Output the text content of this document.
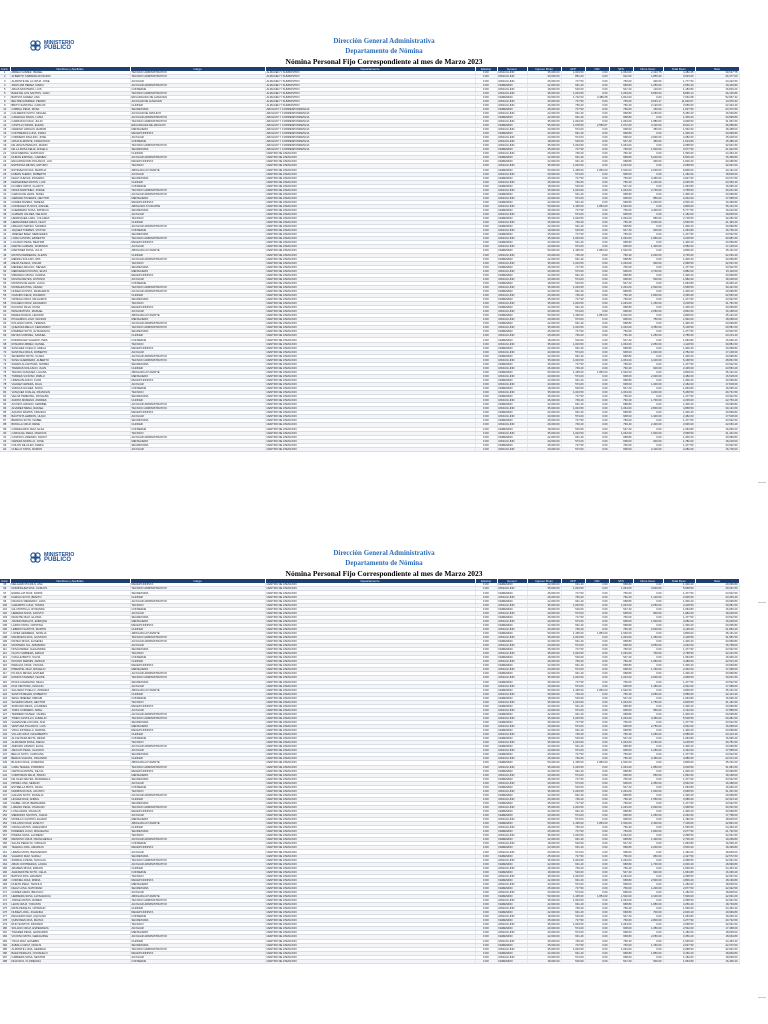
MINISTERIO
PÚBLICO
Dirección General Administrativa
Departamento de Nómina
Nómina Personal Fijo Correspondiente al mes de Marzo 2023
Cant.	Nombres y Apellidos	Cargo	Departamento	Estatus	Genero	Ingreso Bruto	AFP	ISR	SFS	Otros Desc.	Total Desc.	Neto
1	ABREU GOMEZ, ISMAEL	TECNICO ADMINISTRATIVO	ALMACEN Y SUMINISTRO	FIJO	MASCULINO	35,000.00	1,004.50	0.00	1,064.00	2,413.75	4,482.25	30,517.75
2	ALBERTO CABRERA ROSARIO	TECNICO ADMINISTRATIVO	ALMACEN Y SUMINISTRO	FIJO	MASCULINO	30,000.00	861.00	0.00	912.00	1,850.00	3,623.00	26,377.00
3	ALMONTE DE LA CRUZ, JOSE	AUXILIAR	ALMACEN Y SUMINISTRO	FIJO	MASCULINO	25,000.00	717.50	0.00	760.00	300.00	1,777.50	23,222.50
4	ANDUJAR PEREZ, MARIA	AUXILIAR ADMINISTRATIVO	ALMACEN Y SUMINISTRO	FIJO	FEMENINO	22,000.00	631.40	0.00	668.80	1,250.00	2,550.20	19,449.80
5	ARIAS MONTERO, LUIS	CONSERJE	ALMACEN Y SUMINISTRO	FIJO	MASCULINO	18,000.00	516.60	0.00	547.20	120.00	1,183.80	16,816.20
6	BAEZ DE LOS SANTOS, JUAN	TECNICO ADMINISTRATIVO	ALMACEN Y SUMINISTRO	FIJO	MASCULINO	35,000.00	1,004.50	0.00	1,064.00	6,830.64	8,899.14	26,100.86
7	BATISTA GOMEZ, ANA	ENCARGADO DE ALMACEN	ALMACEN Y SUMINISTRO	FIJO	FEMENINO	60,000.00	1,722.00	3,486.68	1,824.00	0.00	7,032.68	52,967.32
8	BELTRE RAMIREZ, PEDRO	AUXILIAR DE ALMACEN	ALMACEN Y SUMINISTRO	FIJO	MASCULINO	25,000.00	717.50	0.00	760.00	9,543.17	11,020.67	13,979.33
9	BRITO SANTANA, CARLOS	CHOFER	ALMACEN Y SUMINISTRO	FIJO	MASCULINO	26,000.00	746.20	0.00	790.40	2,120.00	3,656.60	22,343.40
10	CABRAL PEÑA, ROSA	SECRETARIA	ARCHIVO Y CORRESPONDENCIA	FIJO	FEMENINO	25,000.00	717.50	0.00	760.00	150.00	1,627.50	23,372.50
11	CALDERON SOTO, MIGUEL	AUXILIAR DE ARCHIVO	ARCHIVO Y CORRESPONDENCIA	FIJO	MASCULINO	22,000.00	631.40	0.00	668.80	4,150.00	5,450.20	16,549.80
12	CAMACHO RIVAS, LUISA	AUXILIAR ADMINISTRATIVO	ARCHIVO Y CORRESPONDENCIA	FIJO	FEMENINO	22,000.00	631.40	0.00	668.80	0.00	1,300.20	20,699.80
13	CARRASCO DIAZ, JULIO	TECNICO ADMINISTRATIVO	ARCHIVO Y CORRESPONDENCIA	FIJO	MASCULINO	35,000.00	1,004.50	0.00	1,064.00	1,880.00	3,948.50	31,051.50
14	CASTILLO MORA, ELENA	ENCARGADA DE ARCHIVO	ARCHIVO Y CORRESPONDENCIA	FIJO	FEMENINO	55,000.00	1,578.50	2,559.67	1,672.00	3,100.00	8,910.17	46,089.83
15	CEDEÑO VARGAS, RAMON	MENSAJERO	ARCHIVO Y CORRESPONDENCIA	FIJO	MASCULINO	20,000.00	574.00	0.00	608.00	350.00	1,532.00	18,468.00
16	CONTRERAS LUNA, DIANA	RECEPCIONISTA	ARCHIVO Y CORRESPONDENCIA	FIJO	FEMENINO	22,000.00	631.40	0.00	668.80	0.00	1,300.20	20,699.80
17	CORDERO PAULINO, JOSE	AUXILIAR	ARCHIVO Y CORRESPONDENCIA	FIJO	MASCULINO	20,000.00	574.00	0.00	608.00	2,900.00	4,082.00	15,918.00
18	CRUZ ALMONTE, FRANCISCO	CONSERJE	ARCHIVO Y CORRESPONDENCIA	FIJO	MASCULINO	18,000.00	516.60	0.00	547.20	450.00	1,513.80	16,486.20
19	DE JESUS PERALTA, MARIO	TECNICO ADMINISTRATIVO	ARCHIVO Y CORRESPONDENCIA	FIJO	MASCULINO	35,000.00	1,004.50	0.00	1,064.00	0.00	2,068.50	32,931.50
20	DE LA ROSA FELIZ, ANGELA	SECRETARIA	ARCHIVO Y CORRESPONDENCIA	FIJO	FEMENINO	25,000.00	717.50	0.00	760.00	1,600.00	3,077.50	21,922.50
21	DIAZ MEDINA, SANTIAGO	CHOFER	CENTRO DE ATENCION	FIJO	MASCULINO	26,000.00	746.20	0.00	790.40	0.00	1,536.60	24,463.40
22	DURAN ESPINAL, CARMEN	AUXILIAR ADMINISTRATIVO	CENTRO DE ATENCION	FIJO	FEMENINO	22,000.00	631.40	0.00	668.80	5,200.00	6,500.20	15,499.80
23	ENCARNACION POLANCO, LUZ	RECEPCIONISTA	CENTRO DE ATENCION	FIJO	FEMENINO	22,000.00	631.40	0.00	668.80	300.00	1,600.20	20,399.80
24	ESPINOSA REYES, ARTURO	TECNICO	CENTRO DE ATENCION	FIJO	MASCULINO	35,000.00	1,004.50	0.00	1,064.00	0.00	2,068.50	32,931.50
25	ESTEVEZ ROJAS, MARTHA	ABOGADA AYUDANTE	CENTRO DE ATENCION	FIJO	FEMENINO	50,000.00	1,435.00	1,854.00	1,520.00	2,000.00	6,809.00	43,191.00
26	FABIAN SUERO, ROBERTO	AUXILIAR	CENTRO DE ATENCION	FIJO	MASCULINO	20,000.00	574.00	0.00	608.00	0.00	1,182.00	18,818.00
27	FELIZ CUEVAS, ROSARIO	SECRETARIA	CENTRO DE ATENCION	FIJO	FEMENINO	25,000.00	717.50	0.00	760.00	3,450.00	4,927.50	20,072.50
28	FERNANDEZ MATOS, LUIS	CHOFER	CENTRO DE ATENCION	FIJO	MASCULINO	26,000.00	746.20	0.00	790.40	1,100.00	2,636.60	23,363.40
29	FLORES ORTIZ, GLADYS	CONSERJE	CENTRO DE ATENCION	FIJO	FEMENINO	18,000.00	516.60	0.00	547.20	0.00	1,063.80	16,936.20
30	FRIAS MARTINEZ, JORGE	TECNICO ADMINISTRATIVO	CENTRO DE ATENCION	FIJO	MASCULINO	35,000.00	1,004.50	0.00	1,064.00	2,700.00	4,768.50	30,231.50
31	GARCIA DE LEON, SONIA	AUXILIAR ADMINISTRATIVO	CENTRO DE ATENCION	FIJO	FEMENINO	22,000.00	631.40	0.00	668.80	0.00	1,300.20	20,699.80
32	GERMAN TAVERAS, HECTOR	MENSAJERO	CENTRO DE ATENCION	FIJO	MASCULINO	20,000.00	574.00	0.00	608.00	850.00	2,032.00	17,968.00
33	GOMEZ RIVERA, TERESA	RECEPCIONISTA	CENTRO DE ATENCION	FIJO	FEMENINO	22,000.00	631.40	0.00	668.80	1,200.00	2,500.20	19,499.80
34	GONZALEZ PUJOLS, RAFAEL	ABOGADO AYUDANTE	CENTRO DE ATENCION	FIJO	MASCULINO	50,000.00	1,435.00	1,854.00	1,520.00	0.00	4,809.00	45,191.00
35	GUERRERO SOSA, PATRICIA	SECRETARIA	CENTRO DE ATENCION	FIJO	FEMENINO	25,000.00	717.50	0.00	760.00	4,300.00	5,777.50	19,222.50
36	GUZMAN VALDEZ, NELSON	AUXILIAR	CENTRO DE ATENCION	FIJO	MASCULINO	20,000.00	574.00	0.00	608.00	0.00	1,182.00	18,818.00
37	HENRIQUEZ LARA, YOLANDA	TECNICO	CENTRO DE ATENCION	FIJO	FEMENINO	35,000.00	1,004.50	0.00	1,064.00	650.00	2,718.50	32,281.50
38	HERNANDEZ ARIAS, FELIX	CHOFER	CENTRO DE ATENCION	FIJO	MASCULINO	26,000.00	746.20	0.00	790.40	3,000.00	4,536.60	21,463.40
39	HIRALDO MATEO, SANDRA	AUXILIAR ADMINISTRATIVO	CENTRO DE ATENCION	FIJO	FEMENINO	22,000.00	631.40	0.00	668.80	0.00	1,300.20	20,699.80
40	JAQUEZ TORRES, VICTOR	CONSERJE	CENTRO DE ATENCION	FIJO	MASCULINO	18,000.00	516.60	0.00	547.20	200.00	1,263.80	16,736.20
41	JIMENEZ BAEZ, MERCEDES	SECRETARIA	CENTRO DE ATENCION	FIJO	FEMENINO	25,000.00	717.50	0.00	760.00	0.00	1,477.50	23,522.50
42	LORA CASTRO, ERNESTO	TECNICO ADMINISTRATIVO	CENTRO DE ATENCION	FIJO	MASCULINO	35,000.00	1,004.50	0.00	1,064.00	1,950.00	4,018.50	30,981.50
43	LUCIANO PEÑA, BEATRIZ	RECEPCIONISTA	CENTRO DE ATENCION	FIJO	FEMENINO	22,000.00	631.40	0.00	668.80	0.00	1,300.20	20,699.80
44	MARTE GUZMAN, DOMINGO	AUXILIAR	CENTRO DE ATENCION	FIJO	MASCULINO	20,000.00	574.00	0.00	608.00	1,400.00	2,582.00	17,418.00
45	MARTINEZ ROSA, JULIA	ABOGADA AYUDANTE	CENTRO DE ATENCION	FIJO	FEMENINO	50,000.00	1,435.00	1,854.00	1,520.00	0.00	4,809.00	45,191.00
46	MATOS FERRERAS, ALEXIS	CHOFER	CENTRO DE ATENCION	FIJO	MASCULINO	26,000.00	746.20	0.00	790.40	2,200.00	3,736.60	22,263.40
47	MEDINA SOLANO, IRIS	AUXILIAR ADMINISTRATIVO	CENTRO DE ATENCION	FIJO	FEMENINO	22,000.00	631.40	0.00	668.80	0.00	1,300.20	20,699.80
48	MEJIA TEJADA, OSCAR	TECNICO	CENTRO DE ATENCION	FIJO	MASCULINO	35,000.00	1,004.50	0.00	1,064.00	900.00	2,968.50	32,031.50
49	MENDEZ ARAUJO, NIEVES	SECRETARIA	CENTRO DE ATENCION	FIJO	FEMENINO	25,000.00	717.50	0.00	760.00	0.00	1,477.50	23,522.50
50	MERCEDES PAYANO, ELVIS	MENSAJERO	CENTRO DE ATENCION	FIJO	MASCULINO	20,000.00	574.00	0.00	608.00	3,700.00	4,882.00	15,118.00
51	MIRANDA OZUNA, KARINA	RECEPCIONISTA	CENTRO DE ATENCION	FIJO	FEMENINO	22,000.00	631.40	0.00	668.80	0.00	1,300.20	20,699.80
52	MOLINA REYES, ANTONIO	AUXILIAR	CENTRO DE ATENCION	FIJO	MASCULINO	20,000.00	574.00	0.00	608.00	500.00	1,682.00	18,318.00
53	MONTAS DE LEON, LUCIA	CONSERJE	CENTRO DE ATENCION	FIJO	FEMENINO	18,000.00	516.60	0.00	547.20	0.00	1,063.80	16,936.20
54	MORALES PIÑA, CESAR	TECNICO ADMINISTRATIVO	CENTRO DE ATENCION	FIJO	MASCULINO	35,000.00	1,004.50	0.00	1,064.00	2,500.00	4,568.50	30,431.50
55	NUÑEZ ACOSTA, MARGARITA	AUXILIAR ADMINISTRATIVO	CENTRO DE ATENCION	FIJO	FEMENINO	22,000.00	631.40	0.00	668.80	0.00	1,300.20	20,699.80
56	OGANDO FELIZ, RICARDO	CHOFER	CENTRO DE ATENCION	FIJO	MASCULINO	26,000.00	746.20	0.00	790.40	1,800.00	3,336.60	22,663.40
57	ORTEGA CRUZ, MILAGROS	SECRETARIA	CENTRO DE ATENCION	FIJO	FEMENINO	25,000.00	717.50	0.00	760.00	0.00	1,477.50	23,522.50
58	PACHECO RUIZ, EDUARDO	TECNICO	CENTRO DE ATENCION	FIJO	MASCULINO	35,000.00	1,004.50	0.00	1,064.00	1,150.00	3,218.50	31,781.50
59	PAULINO SILVA, ROSA	RECEPCIONISTA	CENTRO DE ATENCION	FIJO	FEMENINO	22,000.00	631.40	0.00	668.80	0.00	1,300.20	20,699.80
60	PEÑA BATISTA, MANUEL	AUXILIAR	CENTRO DE ATENCION	FIJO	MASCULINO	20,000.00	574.00	0.00	608.00	2,650.00	3,832.00	16,168.00
61	PEREZ DURAN, LEONOR	ABOGADA AYUDANTE	CENTRO DE ATENCION	FIJO	FEMENINO	50,000.00	1,435.00	1,854.00	1,520.00	0.00	4,809.00	45,191.00
62	PICHARDO LUGO, WILSON	MENSAJERO	CENTRO DE ATENCION	FIJO	MASCULINO	20,000.00	574.00	0.00	608.00	750.00	1,932.00	18,068.00
63	POLANCO MATA, YESENIA	AUXILIAR ADMINISTRATIVO	CENTRO DE ATENCION	FIJO	FEMENINO	22,000.00	631.40	0.00	668.80	0.00	1,300.20	20,699.80
64	QUEZADA BELLO, FERNANDO	TECNICO ADMINISTRATIVO	CENTRO DE ATENCION	FIJO	MASCULINO	35,000.00	1,004.50	0.00	1,064.00	3,350.00	5,418.50	29,581.50
65	RAMIREZ SOTO, ALTAGRACIA	SECRETARIA	CENTRO DE ATENCION	FIJO	FEMENINO	25,000.00	717.50	0.00	760.00	0.00	1,477.50	23,522.50
66	REYES CORNIEL, SAMUEL	CHOFER	CENTRO DE ATENCION	FIJO	MASCULINO	26,000.00	746.20	0.00	790.40	1,250.00	2,786.60	23,213.40
67	RODRIGUEZ VALERIO, INES	CONSERJE	CENTRO DE ATENCION	FIJO	FEMENINO	18,000.00	516.60	0.00	547.20	0.00	1,063.80	16,936.20
68	ROSARIO ABREU, DANIEL	TECNICO	CENTRO DE ATENCION	FIJO	MASCULINO	35,000.00	1,004.50	0.00	1,064.00	2,050.00	4,118.50	30,881.50
69	SANCHEZ CUELLO, ADELA	RECEPCIONISTA	CENTRO DE ATENCION	FIJO	FEMENINO	22,000.00	631.40	0.00	668.80	0.00	1,300.20	20,699.80
70	SANTANA FRIAS, ROBERTO	AUXILIAR	CENTRO DE ATENCION	FIJO	MASCULINO	20,000.00	574.00	0.00	608.00	1,600.00	2,782.00	17,218.00
71	SEVERINO MOTA, CLARA	AUXILIAR ADMINISTRATIVO	CENTRO DE ATENCION	FIJO	FEMENINO	22,000.00	631.40	0.00	668.80	0.00	1,300.20	20,699.80
72	SOSA GUERRERO, ALBERTO	TECNICO ADMINISTRATIVO	CENTRO DE ATENCION	FIJO	MASCULINO	35,000.00	1,004.50	0.00	1,064.00	4,100.00	6,168.50	28,831.50
73	SUERO ALCANTARA, NORMA	SECRETARIA	CENTRO DE ATENCION	FIJO	FEMENINO	25,000.00	717.50	0.00	760.00	0.00	1,477.50	23,522.50
74	TAVERAS NOLASCO, JUAN	CHOFER	CENTRO DE ATENCION	FIJO	MASCULINO	26,000.00	746.20	0.00	790.40	900.00	2,436.60	23,563.40
75	TEJADA VASQUEZ, LILIANA	ABOGADA AYUDANTE	CENTRO DE ATENCION	FIJO	FEMENINO	50,000.00	1,435.00	1,854.00	1,520.00	0.00	4,809.00	45,191.00
76	TORRES VICIOSO, PABLO	MENSAJERO	CENTRO DE ATENCION	FIJO	MASCULINO	20,000.00	574.00	0.00	608.00	2,300.00	3,482.00	16,518.00
77	UREÑA BLANCO, FLOR	RECEPCIONISTA	CENTRO DE ATENCION	FIJO	FEMENINO	22,000.00	631.40	0.00	668.80	0.00	1,300.20	20,699.80
78	VALDEZ CEPEDA, RAUL	AUXILIAR	CENTRO DE ATENCION	FIJO	MASCULINO	20,000.00	574.00	0.00	608.00	1,000.00	2,182.00	17,818.00
79	VARGAS HICHEZ, SOFIA	CONSERJE	CENTRO DE ATENCION	FIJO	FEMENINO	18,000.00	516.60	0.00	547.20	0.00	1,063.80	16,936.20
80	VASQUEZ OVALLE, FRANKLIN	TECNICO	CENTRO DE ATENCION	FIJO	MASCULINO	35,000.00	1,004.50	0.00	1,064.00	3,200.00	5,268.50	29,731.50
81	VELOZ PIMENTEL, ROSALBA	SECRETARIA	CENTRO DE ATENCION	FIJO	FEMENINO	25,000.00	717.50	0.00	760.00	0.00	1,477.50	23,522.50
82	ZAPATA MORENO, ANDRES	CHOFER	CENTRO DE ATENCION	FIJO	MASCULINO	26,000.00	746.20	0.00	790.40	1,700.00	3,236.60	22,763.40
83	ACOSTA LIRIANO, MARIBEL	AUXILIAR ADMINISTRATIVO	CENTRO DE ATENCION	FIJO	FEMENINO	22,000.00	631.40	0.00	668.80	0.00	1,300.20	20,699.80
84	ALVAREZ MENA, RAFAEL	TECNICO ADMINISTRATIVO	CENTRO DE ATENCION	FIJO	MASCULINO	35,000.00	1,004.50	0.00	1,064.00	2,800.00	4,868.50	30,131.50
85	AQUINO RAMOS, FRANCIA	RECEPCIONISTA	CENTRO DE ATENCION	FIJO	FEMENINO	22,000.00	631.40	0.00	668.80	0.00	1,300.20	20,699.80
86	BAUTISTA LEBRON, HUGO	AUXILIAR	CENTRO DE ATENCION	FIJO	MASCULINO	20,000.00	574.00	0.00	608.00	1,300.00	2,482.00	17,518.00
87	BERROA SOTO, ISABEL	SECRETARIA	CENTRO DE ATENCION	FIJO	FEMENINO	25,000.00	717.50	0.00	760.00	0.00	1,477.50	23,522.50
88	BONILLA CRUZ, RENE	CHOFER	CENTRO DE ATENCION	FIJO	MASCULINO	26,000.00	746.20	0.00	790.40	2,400.00	3,936.60	22,063.40
89	CANDELARIO DIAZ, ELSA	CONSERJE	CENTRO DE ATENCION	FIJO	FEMENINO	18,000.00	516.60	0.00	547.20	0.00	1,063.80	16,936.20
90	CARVAJAL PEÑA, MARCOS	TECNICO	CENTRO DE ATENCION	FIJO	MASCULINO	35,000.00	1,004.50	0.00	1,064.00	1,500.00	3,568.50	31,431.50
91	CASTRO LORENZO, NANCY	AUXILIAR ADMINISTRATIVO	CENTRO DE ATENCION	FIJO	FEMENINO	22,000.00	631.40	0.00	668.80	0.00	1,300.20	20,699.80
92	CEPEDA MORILLO, JOSE	MENSAJERO	CENTRO DE ATENCION	FIJO	MASCULINO	20,000.00	574.00	0.00	608.00	600.00	1,782.00	18,218.00
93	COLON DE OLEO, MARIA	SECRETARIA	CENTRO DE ATENCION	FIJO	FEMENINO	25,000.00	717.50	0.00	760.00	0.00	1,477.50	23,522.50
94	CUELLO TAPIA, RAMON	AUXILIAR	CENTRO DE ATENCION	FIJO	MASCULINO	20,000.00	574.00	0.00	608.00	2,100.00	3,282.00	16,718.00
MINISTERIO
PÚBLICO
Dirección General Administrativa
Departamento de Nómina
Nómina Personal Fijo Correspondiente al mes de Marzo 2023
Cant.	Nombres y Apellidos	Cargo	Departamento	Estatus	Genero	Ingreso Bruto	AFP	ISR	SFS	Otros Desc.	Total Desc.	Neto
95	DELGADO PUJOLS, ANA	RECEPCIONISTA	CENTRO DE ATENCION	FIJO	FEMENINO	22,000.00	631.40	0.00	668.80	0.00	1,300.20	20,699.80
96	DOMINGUEZ ROA, CARLOS	TECNICO ADMINISTRATIVO	CENTRO DE ATENCION	FIJO	MASCULINO	35,000.00	1,004.50	0.00	1,064.00	3,600.00	5,668.50	29,331.50
97	ESPAILLAT RUIZ, DORIS	SECRETARIA	CENTRO DE ATENCION	FIJO	FEMENINO	25,000.00	717.50	0.00	760.00	0.00	1,477.50	23,522.50
98	FAMILIA SOTO, BENITO	CHOFER	CENTRO DE ATENCION	FIJO	MASCULINO	26,000.00	746.20	0.00	790.40	1,100.00	2,636.60	23,363.40
99	FRANCO MEDRANO, LIDIA	AUXILIAR ADMINISTRATIVO	CENTRO DE ATENCION	FIJO	FEMENINO	22,000.00	631.40	0.00	668.80	0.00	1,300.20	20,699.80
100	GARABITO LUNA, TOMAS	TECNICO	CENTRO DE ATENCION	FIJO	MASCULINO	35,000.00	1,004.50	0.00	1,064.00	2,250.00	4,318.50	30,681.50
101	GIL MONTILLA, ROSANNA	CONSERJE	CENTRO DE ATENCION	FIJO	FEMENINO	18,000.00	516.60	0.00	547.20	0.00	1,063.80	16,936.20
102	HEREDIA NOVA, FAUSTO	AUXILIAR	CENTRO DE ATENCION	FIJO	MASCULINO	20,000.00	574.00	0.00	608.00	800.00	1,982.00	18,018.00
103	INFANTE DIAZ, GLORIA	SECRETARIA	CENTRO DE ATENCION	FIJO	FEMENINO	25,000.00	717.50	0.00	760.00	0.00	1,477.50	23,522.50
104	JAVIER PERALTA, ENRIQUE	MENSAJERO	CENTRO DE ATENCION	FIJO	MASCULINO	20,000.00	574.00	0.00	608.00	1,900.00	3,082.00	16,918.00
105	LAPAIX MOTA, CRISTINA	RECEPCIONISTA	CENTRO DE ATENCION	FIJO	FEMENINO	22,000.00	631.40	0.00	668.80	0.00	1,300.20	20,699.80
106	LEBRON SANTOS, MARTIN	CHOFER	CENTRO DE ATENCION	FIJO	MASCULINO	26,000.00	746.20	0.00	790.40	2,600.00	4,136.60	21,863.40
107	LOPEZ HERRERA, NATALIA	ABOGADA AYUDANTE	CENTRO DE ATENCION	FIJO	FEMENINO	50,000.00	1,435.00	1,854.00	1,520.00	0.00	4,809.00	45,191.00
108	MANZUETA ROA, GUSTAVO	TECNICO ADMINISTRATIVO	CENTRO DE ATENCION	FIJO	MASCULINO	35,000.00	1,004.50	0.00	1,064.00	1,350.00	3,418.50	31,581.50
109	MATEO RIVAS, EUGENIA	AUXILIAR ADMINISTRATIVO	CENTRO DE ATENCION	FIJO	FEMENINO	22,000.00	631.40	0.00	668.80	0.00	1,300.20	20,699.80
110	MONTERO GIL, ARMANDO	AUXILIAR	CENTRO DE ATENCION	FIJO	MASCULINO	20,000.00	574.00	0.00	608.00	3,050.00	4,232.00	15,768.00
111	NOVA PEREZ, ALEJANDRA	SECRETARIA	CENTRO DE ATENCION	FIJO	FEMENINO	25,000.00	717.50	0.00	760.00	0.00	1,477.50	23,522.50
112	OLIVO CABRERA, EMILIO	TECNICO	CENTRO DE ATENCION	FIJO	MASCULINO	35,000.00	1,004.50	0.00	1,064.00	700.00	2,768.50	32,231.50
113	OVALLE BRITO, SILVIA	CONSERJE	CENTRO DE ATENCION	FIJO	FEMENINO	18,000.00	516.60	0.00	547.20	0.00	1,063.80	16,936.20
114	PAYANO FERMIN, ADRIAN	CHOFER	CENTRO DE ATENCION	FIJO	MASCULINO	26,000.00	746.20	0.00	790.40	1,950.00	3,486.60	22,513.40
115	PERALTA CRUZ, VIVIANA	RECEPCIONISTA	CENTRO DE ATENCION	FIJO	FEMENINO	22,000.00	631.40	0.00	668.80	0.00	1,300.20	20,699.80
116	PIMENTEL DIAZ, ROGELIO	MENSAJERO	CENTRO DE ATENCION	FIJO	MASCULINO	20,000.00	574.00	0.00	608.00	1,150.00	2,332.00	17,668.00
117	PUJOLS REYES, ESTHER	AUXILIAR ADMINISTRATIVO	CENTRO DE ATENCION	FIJO	FEMENINO	22,000.00	631.40	0.00	668.80	0.00	1,300.20	20,699.80
118	RAMOS TAVAREZ, FELIPE	TECNICO ADMINISTRATIVO	CENTRO DE ATENCION	FIJO	MASCULINO	35,000.00	1,004.50	0.00	1,064.00	2,900.00	4,968.50	30,031.50
119	RIVAS ALMANZAR, DELIA	SECRETARIA	CENTRO DE ATENCION	FIJO	FEMENINO	25,000.00	717.50	0.00	760.00	0.00	1,477.50	23,522.50
120	ROA VENTURA, IGNACIO	AUXILIAR	CENTRO DE ATENCION	FIJO	MASCULINO	20,000.00	574.00	0.00	608.00	1,450.00	2,632.00	17,368.00
121	SALCEDO PUELLO, ZORAIDA	ABOGADA AYUDANTE	CENTRO DE ATENCION	FIJO	FEMENINO	50,000.00	1,435.00	1,854.00	1,520.00	0.00	4,809.00	45,191.00
122	SANTOS BELEN, ROBERTO	CHOFER	CENTRO DE ATENCION	FIJO	MASCULINO	26,000.00	746.20	0.00	790.40	2,050.00	3,586.60	22,413.40
123	SENA JIMENEZ, MIRIAM	CONSERJE	CENTRO DE ATENCION	FIJO	FEMENINO	18,000.00	516.60	0.00	547.20	0.00	1,063.80	16,936.20
124	SILVERIO ARIAS, HECTOR	TECNICO	CENTRO DE ATENCION	FIJO	MASCULINO	35,000.00	1,004.50	0.00	1,064.00	1,750.00	3,818.50	31,181.50
125	SORIANO MEJIA, LOURDES	RECEPCIONISTA	CENTRO DE ATENCION	FIJO	FEMENINO	22,000.00	631.40	0.00	668.80	0.00	1,300.20	20,699.80
126	TAPIA CORDERO, ARIEL	AUXILIAR	CENTRO DE ATENCION	FIJO	MASCULINO	20,000.00	574.00	0.00	608.00	950.00	2,132.00	17,868.00
127	TERRERO NUÑEZ, YANIRA	AUXILIAR ADMINISTRATIVO	CENTRO DE ATENCION	FIJO	FEMENINO	22,000.00	631.40	0.00	668.80	0.00	1,300.20	20,699.80
128	TINEO CASTILLO, AURELIO	TECNICO ADMINISTRATIVO	CENTRO DE ATENCION	FIJO	MASCULINO	35,000.00	1,004.50	0.00	1,064.00	3,450.00	5,518.50	29,481.50
129	VALENZUELA ROJAS, ANA	SECRETARIA	CENTRO DE ATENCION	FIJO	FEMENINO	25,000.00	717.50	0.00	760.00	0.00	1,477.50	23,522.50
130	VENTURA POLANCO, LUIS	MENSAJERO	CENTRO DE ATENCION	FIJO	MASCULINO	20,000.00	574.00	0.00	608.00	2,750.00	3,932.00	16,068.00
131	VIDAL ESTRELLA, MARINA	RECEPCIONISTA	CENTRO DE ATENCION	FIJO	FEMENINO	22,000.00	631.40	0.00	668.80	0.00	1,300.20	20,699.80
132	VILLAR CRUZ, DAGOBERTO	CHOFER	CENTRO DE ATENCION	FIJO	MASCULINO	26,000.00	746.20	0.00	790.40	1,050.00	2,586.60	23,413.40
133	ALCANTARA MOTA, REINA	CONSERJE	CENTRO DE ATENCION	FIJO	FEMENINO	18,000.00	516.60	0.00	547.20	0.00	1,063.80	16,936.20
134	ALMANZAR ROSA, DIEGO	TECNICO	CENTRO DE ATENCION	FIJO	MASCULINO	35,000.00	1,004.50	0.00	1,064.00	2,150.00	4,218.50	30,781.50
135	AMPARO LIRIANO, ELISA	AUXILIAR ADMINISTRATIVO	CENTRO DE ATENCION	FIJO	FEMENINO	22,000.00	631.40	0.00	668.80	0.00	1,300.20	20,699.80
136	ARAUJO PEÑA, CLAUDIO	AUXILIAR	CENTRO DE ATENCION	FIJO	MASCULINO	20,000.00	574.00	0.00	608.00	1,250.00	2,432.00	17,568.00
137	BELLO SOTO, CAROLINA	SECRETARIA	CENTRO DE ATENCION	FIJO	FEMENINO	25,000.00	717.50	0.00	760.00	0.00	1,477.50	23,522.50
138	BERAS CUEVAS, ORLANDO	CHOFER	CENTRO DE ATENCION	FIJO	MASCULINO	26,000.00	746.20	0.00	790.40	2,450.00	3,986.60	22,013.40
139	BLANCO DIAZ, JOSEFINA	ABOGADA AYUDANTE	CENTRO DE ATENCION	FIJO	FEMENINO	50,000.00	1,435.00	1,854.00	1,520.00	0.00	4,809.00	45,191.00
140	CABA TEJEDA, PORFIRIO	TECNICO ADMINISTRATIVO	CENTRO DE ATENCION	FIJO	MASCULINO	35,000.00	1,004.50	0.00	1,064.00	1,850.00	3,918.50	31,081.50
141	CEPIN ALMONTE, DILCIA	RECEPCIONISTA	CENTRO DE ATENCION	FIJO	FEMENINO	22,000.00	631.40	0.00	668.80	0.00	1,300.20	20,699.80
142	CORPORAN FELIZ, SIMON	MENSAJERO	CENTRO DE ATENCION	FIJO	MASCULINO	20,000.00	574.00	0.00	608.00	650.00	1,832.00	18,168.00
143	DE OLEO REYES, MARIANELA	SECRETARIA	CENTRO DE ATENCION	FIJO	FEMENINO	25,000.00	717.50	0.00	760.00	0.00	1,477.50	23,522.50
144	DIPRE LUNA, SERGIO	AUXILIAR	CENTRO DE ATENCION	FIJO	MASCULINO	20,000.00	574.00	0.00	608.00	2,350.00	3,532.00	16,468.00
145	ESTRELLA MOTA, NILDA	CONSERJE	CENTRO DE ATENCION	FIJO	FEMENINO	18,000.00	516.60	0.00	547.20	0.00	1,063.80	16,936.20
146	FERMIN ROJAS, JACINTO	TECNICO	CENTRO DE ATENCION	FIJO	MASCULINO	35,000.00	1,004.50	0.00	1,064.00	1,600.00	3,668.50	31,331.50
147	GALVAN SOTO, ROSALIA	AUXILIAR ADMINISTRATIVO	CENTRO DE ATENCION	FIJO	FEMENINO	22,000.00	631.40	0.00	668.80	0.00	1,300.20	20,699.80
148	HICHEZ DIAZ, ANIBAL	CHOFER	CENTRO DE ATENCION	FIJO	MASCULINO	26,000.00	746.20	0.00	790.40	1,550.00	3,086.60	22,913.40
149	ISABEL CRUZ, BERNARDA	SECRETARIA	CENTRO DE ATENCION	FIJO	FEMENINO	25,000.00	717.50	0.00	760.00	0.00	1,477.50	23,522.50
150	LIRIANO PEÑA, OSVALDO	TECNICO ADMINISTRATIVO	CENTRO DE ATENCION	FIJO	MASCULINO	35,000.00	1,004.50	0.00	1,064.00	2,600.00	4,668.50	30,331.50
151	LUNA ARIAS, MAGALIS	RECEPCIONISTA	CENTRO DE ATENCION	FIJO	FEMENINO	22,000.00	631.40	0.00	668.80	0.00	1,300.20	20,699.80
152	MEDRANO SANTOS, JUANA	AUXILIAR	CENTRO DE ATENCION	FIJO	FEMENINO	20,000.00	574.00	0.00	608.00	1,050.00	2,232.00	17,768.00
153	MORILLO CASTRO, ELADIO	MENSAJERO	CENTRO DE ATENCION	FIJO	MASCULINO	20,000.00	574.00	0.00	608.00	0.00	1,182.00	18,818.00
154	NOLASCO DIAZ, EVELYN	ABOGADA AYUDANTE	CENTRO DE ATENCION	FIJO	FEMENINO	50,000.00	1,435.00	1,854.00	1,520.00	2,300.00	7,109.00	42,891.00
155	OZUNA MATOS, GREGORIO	CHOFER	CENTRO DE ATENCION	FIJO	MASCULINO	26,000.00	746.20	0.00	790.40	0.00	1,536.60	24,463.40
156	PAREDES LUGO, MIGUELINA	SECRETARIA	CENTRO DE ATENCION	FIJO	FEMENINO	25,000.00	717.50	0.00	760.00	1,800.00	3,277.50	21,722.50
157	PINEDA SOSA, ALFREDO	TECNICO	CENTRO DE ATENCION	FIJO	MASCULINO	35,000.00	1,004.50	0.00	1,064.00	0.00	2,068.50	32,931.50
158	REINOSO CRUZ, FRANCHESCA	AUXILIAR ADMINISTRATIVO	CENTRO DE ATENCION	FIJO	FEMENINO	22,000.00	631.40	0.00	668.80	1,400.00	2,700.20	19,299.80
159	SALAS PERALTA, VIRGILIO	CONSERJE	CENTRO DE ATENCION	FIJO	MASCULINO	18,000.00	516.60	0.00	547.20	0.00	1,063.80	16,936.20
160	TEJEDA LORA, AMARILIS	RECEPCIONISTA	CENTRO DE ATENCION	FIJO	FEMENINO	22,000.00	631.40	0.00	668.80	2,200.00	3,500.20	18,499.80
161	UREÑA MOTA, BIENVENIDO	AUXILIAR	CENTRO DE ATENCION	FIJO	MASCULINO	20,000.00	574.00	0.00	608.00	0.00	1,182.00	18,818.00
162	VALERIO DIAZ, SARAH	SECRETARIA	CENTRO DE ATENCION	FIJO	FEMENINO	25,000.00	717.50	0.00	760.00	950.00	2,427.50	22,572.50
163	ZORRILLA PEÑA, NICOLAS	TECNICO ADMINISTRATIVO	CENTRO DE ATENCION	FIJO	MASCULINO	35,000.00	1,004.50	0.00	1,064.00	0.00	2,068.50	32,931.50
164	ABAD CONTRERAS, LAURA	AUXILIAR ADMINISTRATIVO	CENTRO DE ATENCION	FIJO	FEMENINO	22,000.00	631.40	0.00	668.80	1,700.00	3,000.20	18,999.80
165	ADAMES RIVAS, EFRAIN	CHOFER	CENTRO DE ATENCION	FIJO	MASCULINO	26,000.00	746.20	0.00	790.40	0.00	1,536.60	24,463.40
166	AGRAMONTE SOTO, CELIA	CONSERJE	CENTRO DE ATENCION	FIJO	FEMENINO	18,000.00	516.60	0.00	547.20	600.00	1,663.80	16,336.20
167	BATISTA ROA, ERASMO	TECNICO	CENTRO DE ATENCION	FIJO	MASCULINO	35,000.00	1,004.50	0.00	1,064.00	0.00	2,068.50	32,931.50
168	CORNIEL DIAZ, MIRNA	RECEPCIONISTA	CENTRO DE ATENCION	FIJO	FEMENINO	22,000.00	631.40	0.00	668.80	2,500.00	3,800.20	18,199.80
169	DURAN PEÑA, TEOFILO	MENSAJERO	CENTRO DE ATENCION	FIJO	MASCULINO	20,000.00	574.00	0.00	608.00	0.00	1,182.00	18,818.00
170	FELIZ LUNA, NATIVIDAD	SECRETARIA	CENTRO DE ATENCION	FIJO	FEMENINO	25,000.00	717.50	0.00	760.00	1,200.00	2,677.50	22,322.50
171	GOMEZ ARIAS, BRAULIO	AUXILIAR	CENTRO DE ATENCION	FIJO	MASCULINO	20,000.00	574.00	0.00	608.00	0.00	1,182.00	18,818.00
172	HERRERA SOSA, ALTAGRACIA	ABOGADA AYUDANTE	CENTRO DE ATENCION	FIJO	FEMENINO	50,000.00	1,435.00	1,854.00	1,520.00	3,100.00	7,909.00	42,091.00
173	JORGE MATOS, RUBEN	TECNICO ADMINISTRATIVO	CENTRO DE ATENCION	FIJO	MASCULINO	35,000.00	1,004.50	0.00	1,064.00	0.00	2,068.50	32,931.50
174	LEON CRUZ, YOKASTA	AUXILIAR ADMINISTRATIVO	CENTRO DE ATENCION	FIJO	FEMENINO	22,000.00	631.40	0.00	668.80	1,950.00	3,250.20	18,749.80
175	MATA PERALTA, CIPRIANO	CHOFER	CENTRO DE ATENCION	FIJO	MASCULINO	26,000.00	746.20	0.00	790.40	0.00	1,536.60	24,463.40
176	NUÑEZ LORA, JOHANNA	RECEPCIONISTA	CENTRO DE ATENCION	FIJO	FEMENINO	22,000.00	631.40	0.00	668.80	700.00	2,000.20	19,999.80
177	PEGUERO DIAZ, AQUILINO	CONSERJE	CENTRO DE ATENCION	FIJO	MASCULINO	18,000.00	516.60	0.00	547.20	0.00	1,063.80	16,936.20
178	QUIÑONES ROA, MAYRA	SECRETARIA	CENTRO DE ATENCION	FIJO	FEMENINO	25,000.00	717.50	0.00	760.00	2,800.00	4,277.50	20,722.50
179	RIJO SANTOS, DIONISIO	TECNICO	CENTRO DE ATENCION	FIJO	MASCULINO	35,000.00	1,004.50	0.00	1,064.00	0.00	2,068.50	32,931.50
180	SOLANO CRUZ, ESPERANZA	AUXILIAR	CENTRO DE ATENCION	FIJO	FEMENINO	20,000.00	574.00	0.00	608.00	1,350.00	2,532.00	17,468.00
181	TAVAREZ PEÑA, LEONARDO	MENSAJERO	CENTRO DE ATENCION	FIJO	MASCULINO	20,000.00	574.00	0.00	608.00	0.00	1,182.00	18,818.00
182	VICIOSO MOTA, GERALDINE	AUXILIAR ADMINISTRATIVO	CENTRO DE ATENCION	FIJO	FEMENINO	22,000.00	631.40	0.00	668.80	2,050.00	3,350.20	18,649.80
183	YNOA DIAZ, EUSEBIO	CHOFER	CENTRO DE ATENCION	FIJO	MASCULINO	26,000.00	746.20	0.00	790.40	0.00	1,536.60	24,463.40
184	ZABALA CRUZ, ODALIS	SECRETARIA	CENTRO DE ATENCION	FIJO	FEMENINO	25,000.00	717.50	0.00	760.00	1,150.00	2,627.50	22,372.50
185	ALMONTE LUNA, GERMAN	TECNICO ADMINISTRATIVO	CENTRO DE ATENCION	FIJO	MASCULINO	35,000.00	1,004.50	0.00	1,064.00	0.00	2,068.50	32,931.50
186	BAEZ PERALTA, CONSUELO	RECEPCIONISTA	CENTRO DE ATENCION	FIJO	FEMENINO	22,000.00	631.40	0.00	668.80	1,850.00	3,150.20	18,849.80
187	CABRERA SOSA, NESTOR	AUXILIAR	CENTRO DE ATENCION	FIJO	MASCULINO	20,000.00	574.00	0.00	608.00	0.00	1,182.00	18,818.00
188	DIAZ ROA, FLORENCIA	CONSERJE	CENTRO DE ATENCION	FIJO	FEMENINO	18,000.00	516.60	0.00	547.20	500.00	1,563.80	16,436.20
